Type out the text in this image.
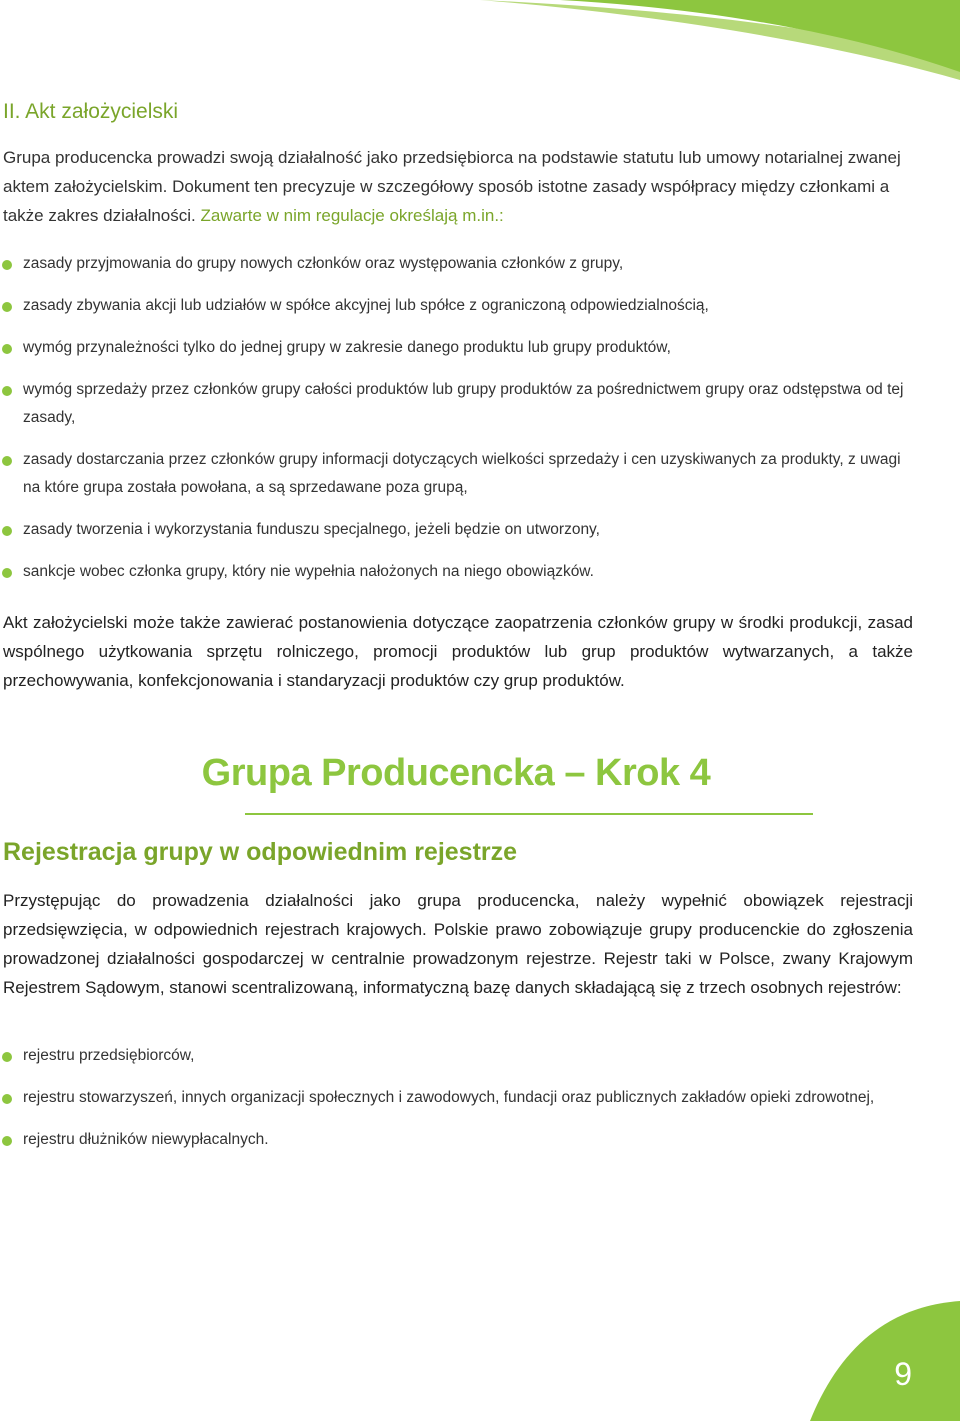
9
II. Akt założycielski

Grupa producencka prowadzi swoją działalność jako przedsiębiorca na podstawie statutu lub umowy notarialnej zwanej aktem założycielskim. Dokument ten precyzuje w szczegółowy sposób istotne zasady współpracy między członkami a także zakres działalności. Zawarte w nim regulacje określają m.in.:

zasady przyjmowania do grupy nowych członków oraz występowania członków z grupy,
zasady zbywania akcji lub udziałów w spółce akcyjnej lub spółce z ograniczoną odpowiedzialnością,
wymóg przynależności tylko do jednej grupy w zakresie danego produktu lub grupy produktów,
wymóg sprzedaży przez członków grupy całości produktów lub grupy produktów za pośrednictwem grupy oraz odstępstwa od tej zasady,
zasady dostarczania przez członków grupy informacji dotyczących wielkości sprzedaży i cen uzyskiwanych za produkty, z uwagi na które grupa została powołana, a są sprzedawane poza grupą,
zasady tworzenia i wykorzystania funduszu specjalnego, jeżeli będzie on utworzony,
sankcje wobec członka grupy, który nie wypełnia nałożonych na niego obowiązków.

Akt założycielski może także zawierać postanowienia dotyczące zaopatrzenia członków grupy w środki produkcji, zasad wspólnego użytkowania sprzętu rolniczego, promocji produktów lub grup produktów wytwarzanych, a także przechowywania, konfekcjonowania i standaryzacji produktów czy grup produktów.

Grupa Producencka – Krok 4
Rejestracja grupy w odpowiednim rejestrze

Przystępując do prowadzenia działalności jako grupa producencka, należy wypełnić obowiązek rejestracji przedsięwzięcia, w odpowiednich rejestrach krajowych. Polskie prawo zobowiązuje grupy producenckie do zgłoszenia prowadzonej działalności gospodarczej w centralnie prowadzonym rejestrze. Rejestr taki w Polsce, zwany Krajowym Rejestrem Sądowym, stanowi scentralizowaną, informatyczną bazę danych składającą się z trzech osobnych rejestrów:

rejestru przedsiębiorców,
rejestru stowarzyszeń, innych organizacji społecznych i zawodowych, fundacji oraz publicznych zakładów opieki zdrowotnej,
rejestru dłużników niewypłacalnych.
